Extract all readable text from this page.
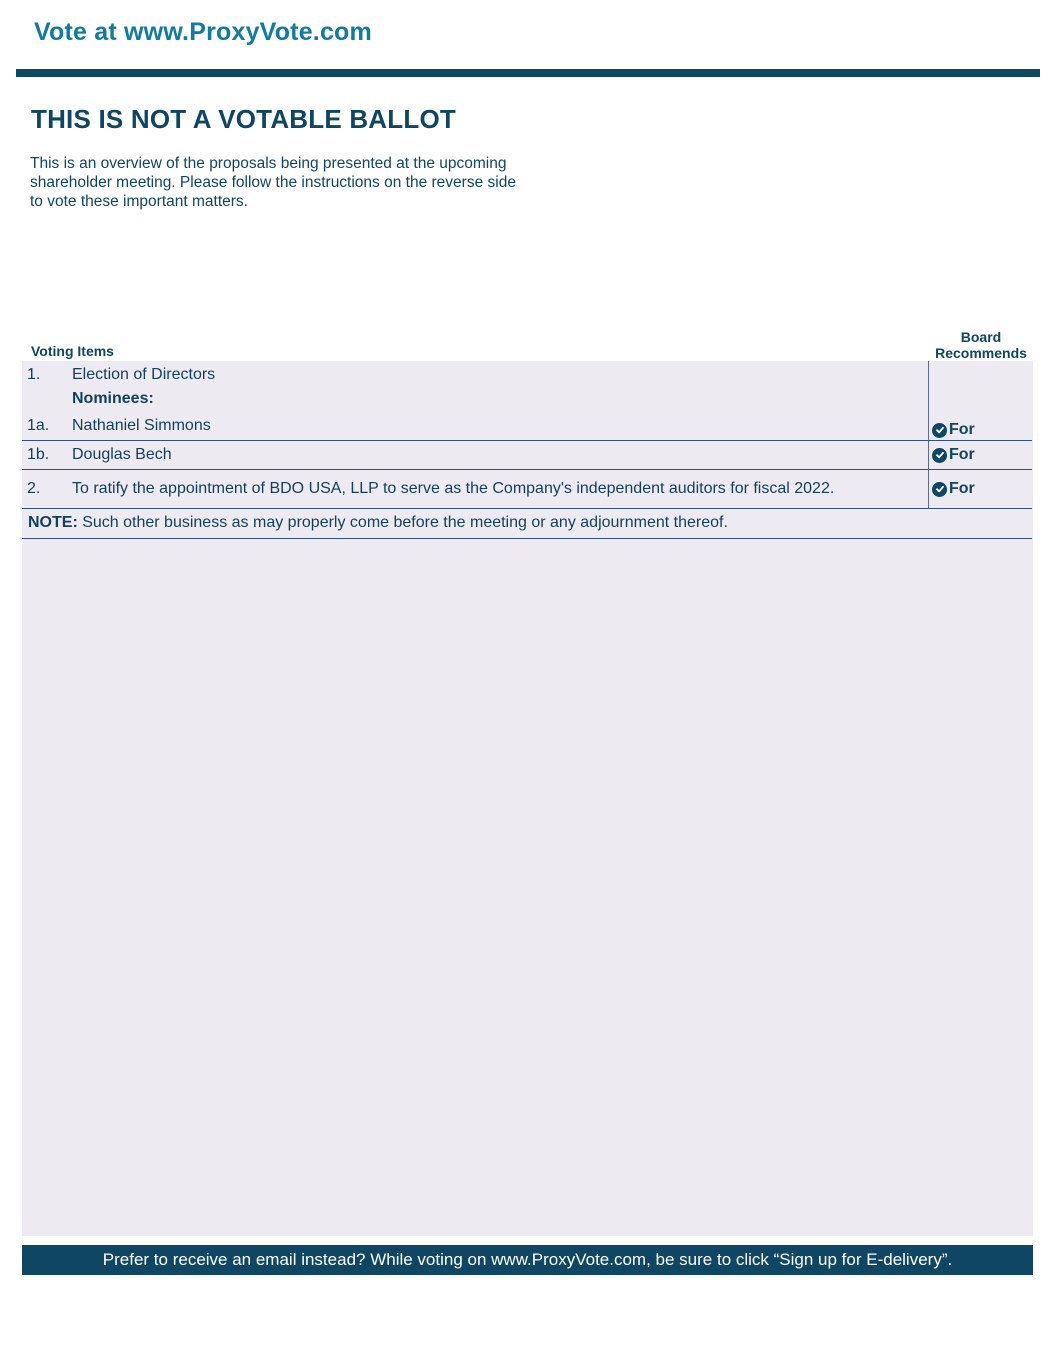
Vote at www.ProxyVote.com
THIS IS NOT A VOTABLE BALLOT
This is an overview of the proposals being presented at the upcoming shareholder meeting. Please follow the instructions on the reverse side to vote these important matters.
Voting Items
Board
Recommends
1. Election of Directors
Nominees:
1a. Nathaniel Simmons	For
1b. Douglas Bech	For
2. To ratify the appointment of BDO USA, LLP to serve as the Company's independent auditors for fiscal 2022.	For
NOTE: Such other business as may properly come before the meeting or any adjournment thereof.
Prefer to receive an email instead? While voting on www.ProxyVote.com, be sure to click “Sign up for E-delivery”.
